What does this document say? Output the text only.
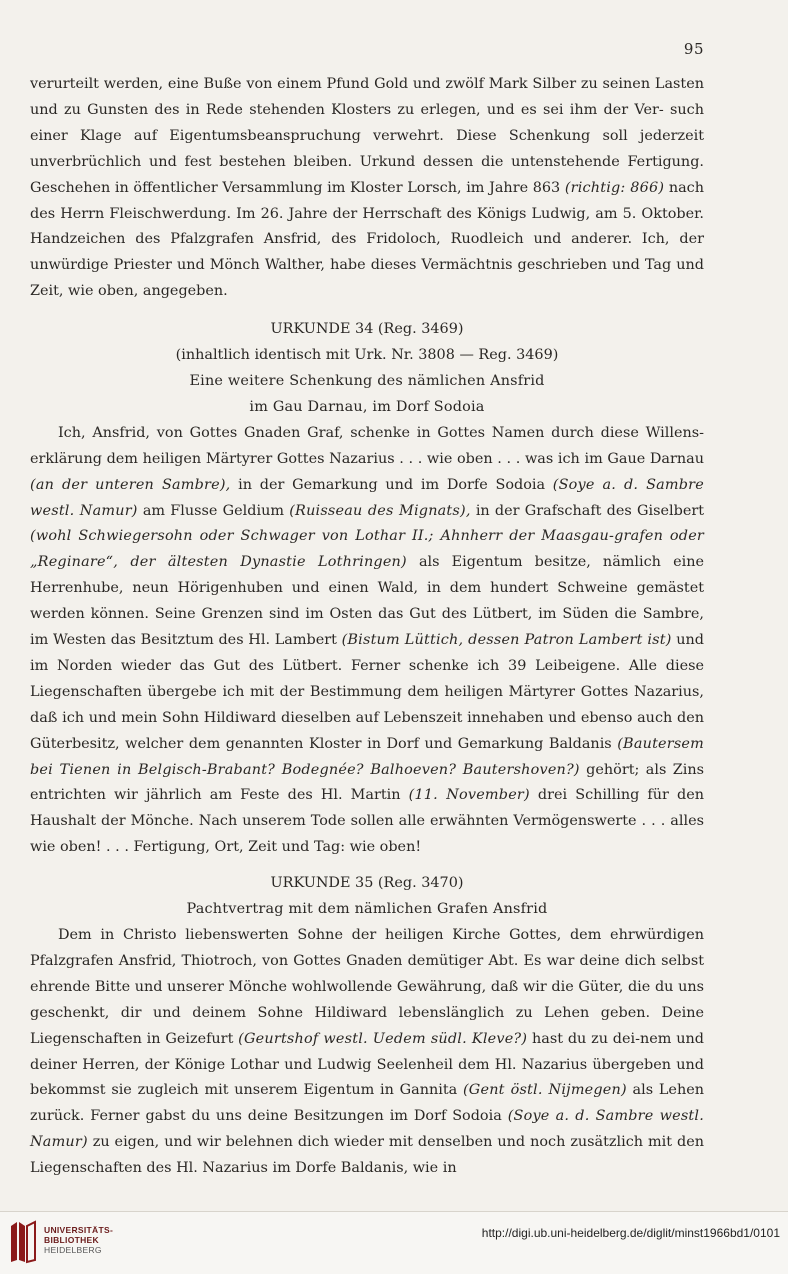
95

verurteilt werden, eine Buße von einem Pfund Gold und zwölf Mark Silber zu seinen Lasten und zu Gunsten des in Rede stehenden Klosters zu erlegen, und es sei ihm der Ver- such einer Klage auf Eigentumsbeanspruchung verwehrt. Diese Schenkung soll jederzeit unverbrüchlich und fest bestehen bleiben. Urkund dessen die untenstehende Fertigung. Geschehen in öffentlicher Versammlung im Kloster Lorsch, im Jahre 863 (richtig: 866) nach des Herrn Fleischwerdung. Im 26. Jahre der Herrschaft des Königs Ludwig, am 5. Oktober. Handzeichen des Pfalzgrafen Ansfrid, des Fridoloch, Ruodleich und anderer. Ich, der unwürdige Priester und Mönch Walther, habe dieses Vermächtnis geschrieben und Tag und Zeit, wie oben, angegeben.

URKUNDE 34 (Reg. 3469)

(inhaltlich identisch mit Urk. Nr. 3808 — Reg. 3469)

Eine weitere Schenkung des nämlichen Ansfrid

im Gau Darnau, im Dorf Sodoia

Ich, Ansfrid, von Gottes Gnaden Graf, schenke in Gottes Namen durch diese Willens-erklärung dem heiligen Märtyrer Gottes Nazarius . . . wie oben . . . was ich im Gaue Darnau (an der unteren Sambre), in der Gemarkung und im Dorfe Sodoia (Soye a. d. Sambre westl. Namur) am Flusse Geldium (Ruisseau des Mignats), in der Grafschaft des Giselbert (wohl Schwiegersohn oder Schwager von Lothar II.; Ahnherr der Maasgau-grafen oder „Reginare“, der ältesten Dynastie Lothringen) als Eigentum besitze, nämlich eine Herrenhube, neun Hörigenhuben und einen Wald, in dem hundert Schweine gemästet werden können. Seine Grenzen sind im Osten das Gut des Lütbert, im Süden die Sambre, im Westen das Besitztum des Hl. Lambert (Bistum Lüttich, dessen Patron Lambert ist) und im Norden wieder das Gut des Lütbert. Ferner schenke ich 39 Leibeigene. Alle diese Liegenschaften übergebe ich mit der Bestimmung dem heiligen Märtyrer Gottes Nazarius, daß ich und mein Sohn Hildiward dieselben auf Lebenszeit innehaben und ebenso auch den Güterbesitz, welcher dem genannten Kloster in Dorf und Gemarkung Baldanis (Bautersem bei Tienen in Belgisch-Brabant? Bodegnée? Balhoeven? Bautershoven?) gehört; als Zins entrichten wir jährlich am Feste des Hl. Martin (11. November) drei Schilling für den Haushalt der Mönche. Nach unserem Tode sollen alle erwähnten Vermögenswerte . . . alles wie oben! . . . Fertigung, Ort, Zeit und Tag: wie oben!

URKUNDE 35 (Reg. 3470)

Pachtvertrag mit dem nämlichen Grafen Ansfrid

Dem in Christo liebenswerten Sohne der heiligen Kirche Gottes, dem ehrwürdigen Pfalzgrafen Ansfrid, Thiotroch, von Gottes Gnaden demütiger Abt. Es war deine dich selbst ehrende Bitte und unserer Mönche wohlwollende Gewährung, daß wir die Güter, die du uns geschenkt, dir und deinem Sohne Hildiward lebenslänglich zu Lehen geben. Deine Liegenschaften in Geizefurt (Geurtshof westl. Uedem südl. Kleve?) hast du zu dei-nem und deiner Herren, der Könige Lothar und Ludwig Seelenheil dem Hl. Nazarius übergeben und bekommst sie zugleich mit unserem Eigentum in Gannita (Gent östl. Nijmegen) als Lehen zurück. Ferner gabst du uns deine Besitzungen im Dorf Sodoia (Soye a. d. Sambre westl. Namur) zu eigen, und wir belehnen dich wieder mit denselben und noch zusätzlich mit den Liegenschaften des Hl. Nazarius im Dorfe Baldanis, wie in

UNIVERSITÄTS-
BIBLIOTHEK
HEIDELBERG
http://digi.ub.uni-heidelberg.de/diglit/minst1966bd1/0101
